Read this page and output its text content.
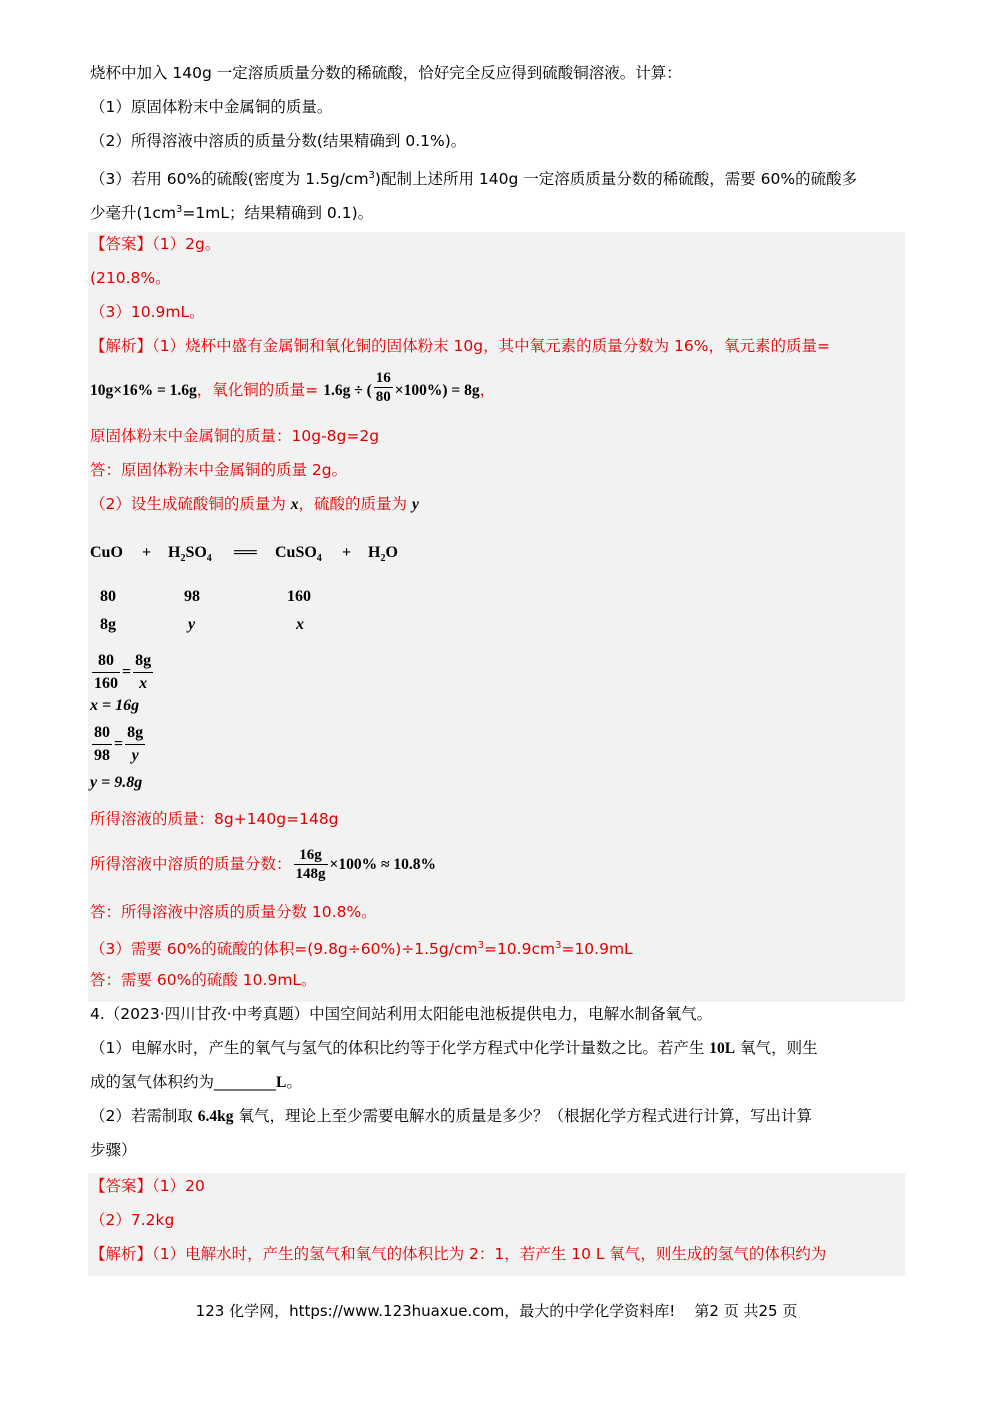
烧杯中加入 140g 一定溶质质量分数的稀硫酸，恰好完全反应得到硫酸铜溶液。计算：
（1）原固体粉末中金属铜的质量。
（2）所得溶液中溶质的质量分数(结果精确到 0.1%)。
（3）若用 60%的硫酸(密度为 $1.5g/cm^3$)配制上述所用 140g 一定溶质质量分数的稀硫酸，需要 60%的硫酸多
少毫升($1cm^3=1mL$；结果精确到 0.1)。
【答案】（1）2g。
(210.8%。
（3）10.9mL。
【解析】（1）烧杯中盛有金属铜和氧化铜的固体粉末 10g，其中氧元素的质量分数为 16%，氧元素的质量=
10g×16% = 1.6g，氧化铜的质量= 1.6g ÷ ( $\frac{16}{80} \times 100\%) = 8g$，
原固体粉末中金属铜的质量：10g-8g=2g
答：原固体粉末中金属铜的质量 2g。
（2）设生成硫酸铜的质量为 x，硫酸的质量为 y
CuO + $H_2SO_4$ ══ CuSO$_4$ + $H_2O$
80	98	160
8g	y	x
$\frac{80}{160} = \frac{8g}{x}$
x = 16g
$\frac{80}{98} = \frac{8g}{y}$
y = 9.8g
所得溶液的质量：8g+140g=148g
所得溶液中溶质的质量分数： $\frac{16g}{148g} \times 100\% \approx 10.8\%$
答：所得溶液中溶质的质量分数 10.8%。
（3）需要 60%的硫酸的体积$=(9.8g\div 60\%)\div 1.5g/cm^3=10.9cm^3=10.9mL$
答：需要 60%的硫酸 10.9mL。
4.（2023·四川甘孜·中考真题）中国空间站利用太阳能电池板提供电力，电解水制备氧气。
（1）电解水时，产生的氧气与氢气的体积比约等于化学方程式中化学计量数之比。若产生 10L 氧气，则生
成的氢气体积约为________L。
（2）若需制取 6.4kg 氧气，理论上至少需要电解水的质量是多少？（根据化学方程式进行计算，写出计算
步骤）
【答案】（1）20
（2）7.2kg
【解析】（1）电解水时，产生的氢气和氧气的体积比为 2：1，若产生 10 L 氧气，则生成的氢气的体积约为
123 化学网，https://www.123huaxue.com，最大的中学化学资料库! 第2 页 共25 页
